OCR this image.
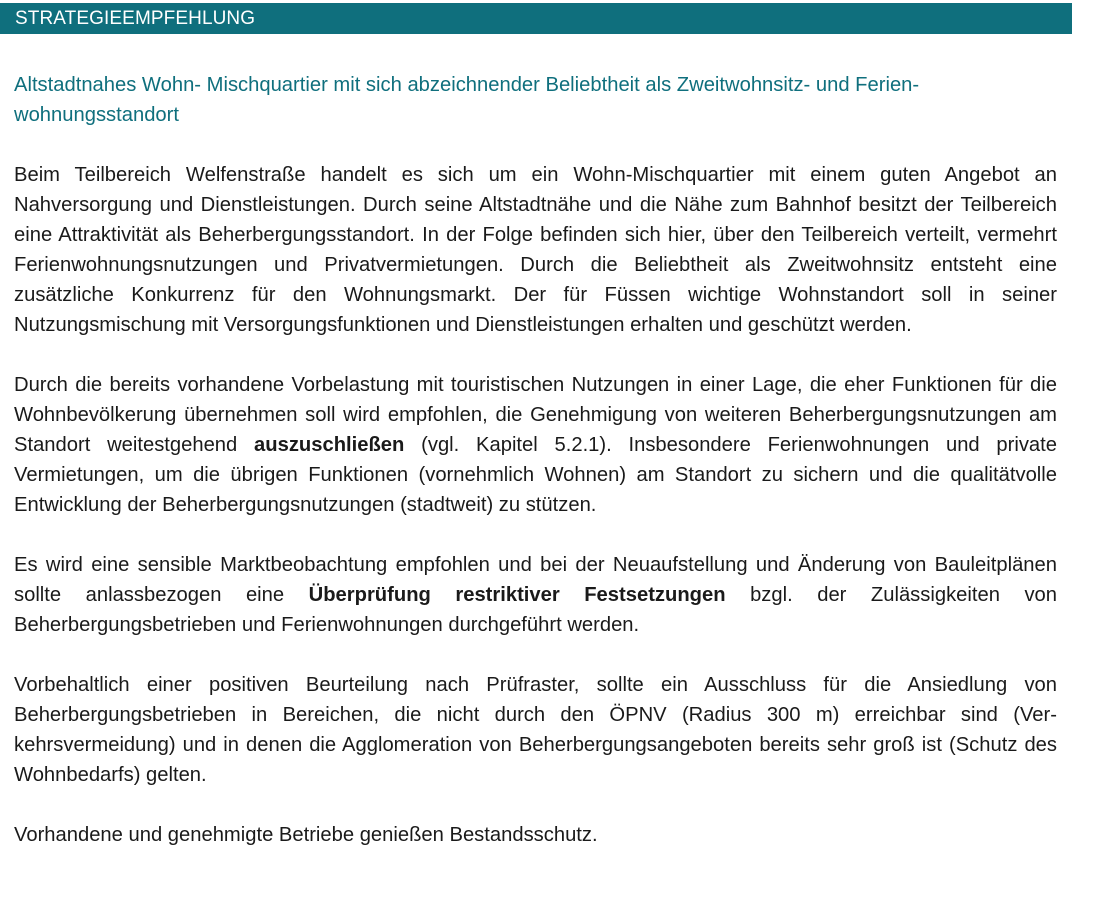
STRATEGIEEMPFEHLUNG

Altstadtnahes Wohn- Mischquartier mit sich abzeichnender Beliebtheit als Zweitwohnsitz- und Ferienwohnungsstandort

Beim Teilbereich Welfenstraße handelt es sich um ein Wohn-Mischquartier mit einem guten Angebot an Nahversorgung und Dienstleistungen. Durch seine Altstadtnähe und die Nähe zum Bahnhof besitzt der Teilbereich eine Attraktivität als Beherbergungsstandort. In der Folge befinden sich hier, über den Teilbereich verteilt, vermehrt Ferienwohnungsnutzungen und Privatvermietungen. Durch die Beliebtheit als Zweitwohnsitz entsteht eine zusätzliche Konkurrenz für den Wohnungsmarkt. Der für Füssen wichtige Wohnstandort soll in seiner Nutzungsmischung mit Versorgungsfunktionen und Dienstleistungen erhalten und geschützt werden.

Durch die bereits vorhandene Vorbelastung mit touristischen Nutzungen in einer Lage, die eher Funktionen für die Wohnbevölkerung übernehmen soll wird empfohlen, die Genehmigung von weiteren Beherbergungsnutzungen am Standort weitestgehend auszuschließen (vgl. Kapitel 5.2.1). Insbesondere Ferienwohnungen und private Vermietungen, um die übrigen Funktionen (vornehmlich Wohnen) am Standort zu sichern und die qualitätvolle Entwicklung der Beherbergungsnutzungen (stadtweit) zu stützen.

Es wird eine sensible Marktbeobachtung empfohlen und bei der Neuaufstellung und Änderung von Bauleitplänen sollte anlassbezogen eine Überprüfung restriktiver Festsetzungen bzgl. der Zulässigkeiten von Beherbergungsbetrieben und Ferienwohnungen durchgeführt werden.

Vorbehaltlich einer positiven Beurteilung nach Prüfraster, sollte ein Ausschluss für die Ansiedlung von Beherbergungsbetrieben in Bereichen, die nicht durch den ÖPNV (Radius 300 m) erreichbar sind (Verkehrsvermeidung) und in denen die Agglomeration von Beherbergungsangeboten bereits sehr groß ist (Schutz des Wohnbedarfs) gelten.

Vorhandene und genehmigte Betriebe genießen Bestandsschutz.
